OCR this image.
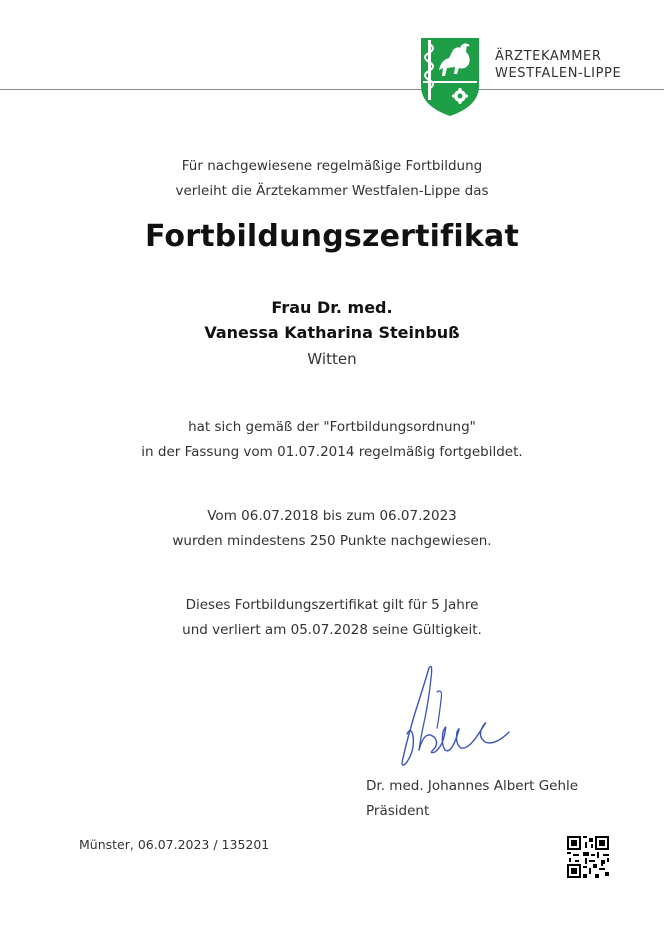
ÄRZTEKAMMER
WESTFALEN-LIPPE
Für nachgewiesene regelmäßige Fortbildung
verleiht die Ärztekammer Westfalen-Lippe das
Fortbildungszertifikat
Frau Dr. med.
Vanessa Katharina Steinbuß
Witten
hat sich gemäß der "Fortbildungsordnung"
in der Fassung vom 01.07.2014 regelmäßig fortgebildet.
Vom 06.07.2018 bis zum 06.07.2023
wurden mindestens 250 Punkte nachgewiesen.
Dieses Fortbildungszertifikat gilt für 5 Jahre
und verliert am 05.07.2028 seine Gültigkeit.
Dr. med. Johannes Albert Gehle
Präsident
Münster, 06.07.2023 / 135201
